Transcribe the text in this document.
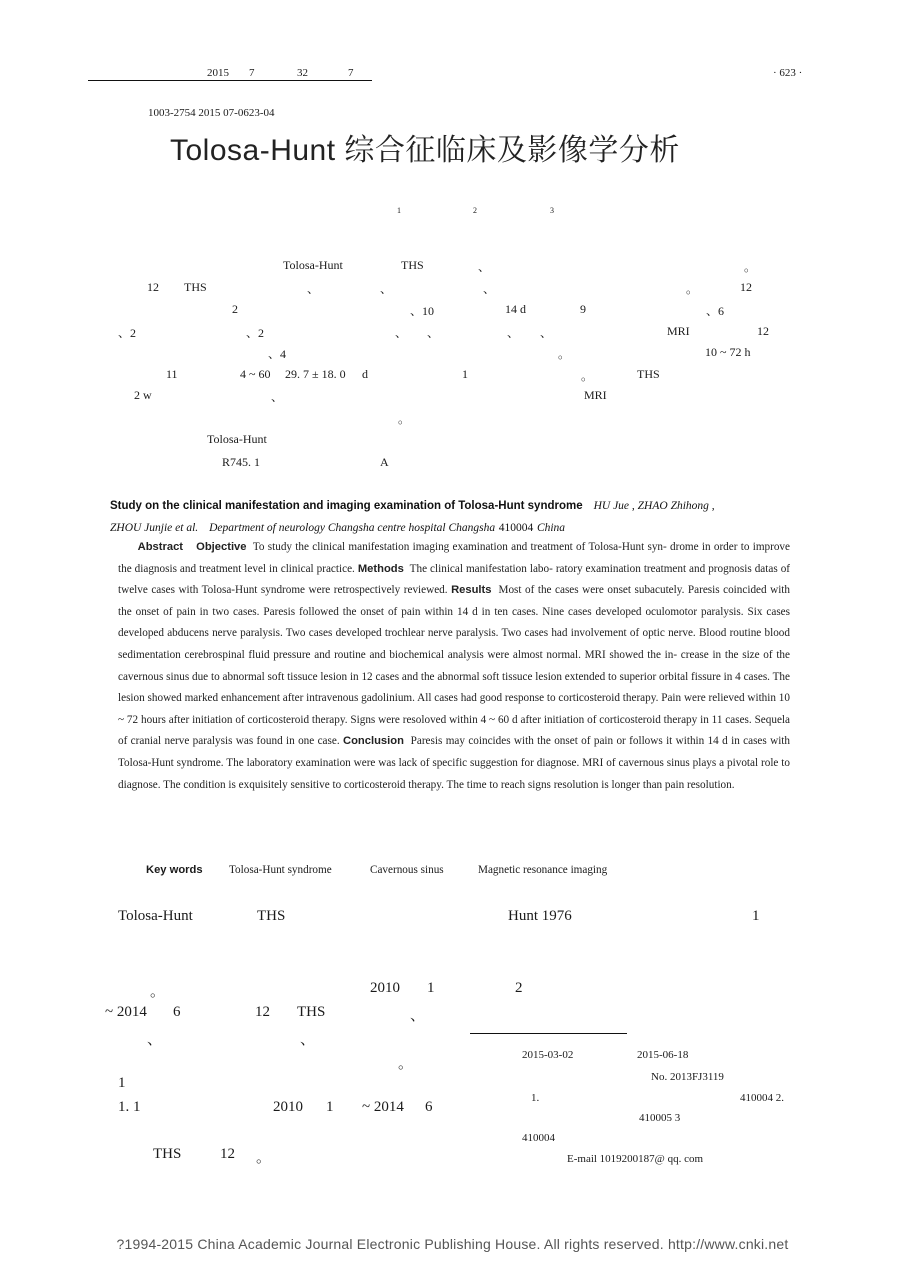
2015 7	32	7	· 623 ·
1003-2754 2015 07-0623-04
Tolosa-Hunt 综合征临床及影像学分析
1	2	3
Tolosa-Hunt	THS	、	。
12 THS	、	、	、	。	12
2	、10	14 d	9	、6
、2	、2	、 、	、 、	MRI	12
、4	。	10 ~ 72 h
11	4 ~ 60 29. 7 ± 18. 0 d	1	。	THS
2 w	、	MRI
。
Tolosa-Hunt
R745. 1	A
Study on the clinical manifestation and imaging examination of Tolosa-Hunt syndrome HU Jue , ZHAO Zhihong ,
ZHOU Junjie et al. Department of neurology Changsha centre hospital Changsha 410004 China
Abstract Objective To study the clinical manifestation imaging examination and treatment of Tolosa-Hunt syn- drome in order to improve the diagnosis and treatment level in clinical practice. Methods The clinical manifestation labo- ratory examination treatment and prognosis datas of twelve cases with Tolosa-Hunt syndrome were retrospectively reviewed. Results Most of the cases were onset subacutely. Paresis coincided with the onset of pain in two cases. Paresis followed the onset of pain within 14 d in ten cases. Nine cases developed oculomotor paralysis. Six cases developed abducens nerve paralysis. Two cases developed trochlear nerve paralysis. Two cases had involvement of optic nerve. Blood routine blood sedimentation cerebrospinal fluid pressure and routine and biochemical analysis were almost normal. MRI showed the in- crease in the size of the cavernous sinus due to abnormal soft tissuce lesion in 12 cases and the abnormal soft tissuce lesion extended to superior orbital fissure in 4 cases. The lesion showed marked enhancement after intravenous gadolinium. All cases had good response to corticosteroid therapy. Pain were relieved within 10 ~ 72 hours after initiation of corticosteroid therapy. Signs were resoloved within 4 ~ 60 d after initiation of corticosteroid therapy in 11 cases. Sequela of cranial nerve paralysis was found in one case. Conclusion Paresis may coincides with the onset of pain or follows it within 14 d in cases with Tolosa-Hunt syndrome. The laboratory examination were was lack of specific suggestion for diagnose. MRI of cavernous sinus plays a pivotal role to diagnose. The condition is exquisitely sensitive to corticosteroid therapy. The time to reach signs resolution is longer than pain resolution.
Key words Tolosa-Hunt syndrome	Cavernous sinus	Magnetic resonance imaging
Tolosa-Hunt	THS	Hunt 1976	1
。	2010 1	2
~ 2014 6	12 THS	、
、	、
。
1
1. 1	2010 1 ~ 2014 6
THS	12 。
2015-03-02	2015-06-18
No. 2013FJ3119
1.	410004 2.
410005 3
410004
E-mail 1019200187@ qq. com
?1994-2015 China Academic Journal Electronic Publishing House. All rights reserved. http://www.cnki.net
